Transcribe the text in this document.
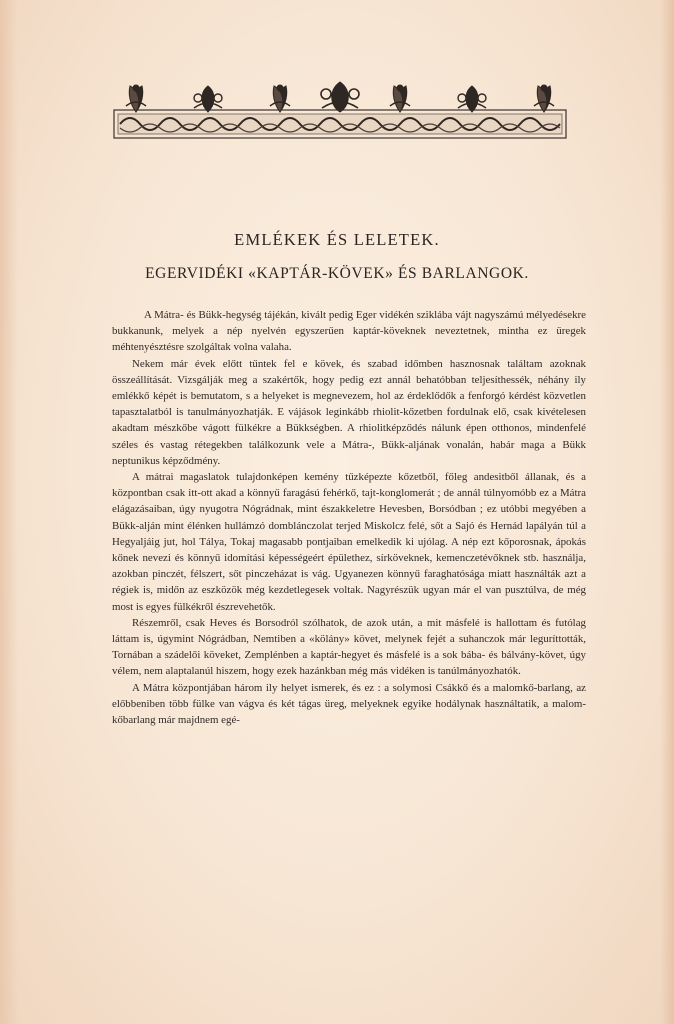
EMLÉKEK ÉS LELETEK.
EGERVIDÉKI «KAPTÁR-KÖVEK» ÉS BARLANGOK.

A Mátra- és Bükk-hegység tájékán, kivált pedig Eger vidékén sziklába vájt nagyszámú mélyedésekre bukkanunk, melyek a nép nyelvén egyszerűen kaptár-köveknek neveztetnek, mintha ez üregek méhtenyésztésre szolgáltak volna valaha.

Nekem már évek előtt tűntek fel e kövek, és szabad időmben hasznosnak találtam azoknak összeállítását. Vizsgálják meg a szakértők, hogy pedig ezt annál behatóbban teljesíthessék, néhány ily emlékkő képét is bemutatom, s a helyeket is megnevezem, hol az érdeklődők a fenforgó kérdést közvetlen tapasztalatból is tanulmányozhatják. E vájások leginkább rhiolit-kőzetben fordulnak elő, csak kivételesen akadtam mészkőbe vágott fülkékre a Bükkségben. A rhiolitképződés nálunk épen otthonos, mindenfelé széles és vastag rétegekben találkozunk vele a Mátra-, Bükk-aljának vonalán, habár maga a Bükk neptunikus képződmény.

A mátrai magaslatok tulajdonképen kemény tűzképezte kőzetből, főleg andesitből állanak, és a központban csak itt-ott akad a könnyű faragású fehérkő, tajt-konglomerát ; de annál túlnyomóbb ez a Mátra elágazásaiban, úgy nyugotra Nógrádnak, mint északkeletre Hevesben, Borsódban ; ez utóbbi megyében a Bükk-alján mint élénken hullámzó domblánczolat terjed Miskolcz felé, sőt a Sajó és Hernád lapályán túl a Hegyaljáig jut, hol Tálya, Tokaj magasabb pontjaiban emelkedik ki ujólag. A nép ezt kőporosnak, ápokás kőnek nevezi és könnyű idomítási képességeért épülethez, sírköveknek, kemenczetévőknek stb. használja, azokban pinczét, félszert, sőt pinczeházat is vág. Ugyanezen könnyű faraghatósága miatt használták azt a régiek is, midőn az eszközök még kezdetlegesek voltak. Nagyrészük ugyan már el van pusztúlva, de még most is egyes fülkékről észrevehetők.

Részemről, csak Heves és Borsodról szólhatok, de azok után, a mit másfelé is hallottam és futólag láttam is, úgymint Nógrádban, Nemtiben a «kölány» követ, melynek fejét a suhanczok már leguríttották, Tornában a szádelői köveket, Zemplénben a kaptár-hegyet és másfelé is a sok bába- és bálvány-követ, úgy vélem, nem alaptalanúl hiszem, hogy ezek hazánkban még más vidéken is tanúlmányozhatók.

A Mátra központjában három ily helyet ismerek, és ez : a solymosi Csákkő és a malomkő-barlang, az előbbeniben több fülke van vágva és két tágas üreg, melyeknek egyike hodálynak használtatik, a malom-kőbarlang már majdnem egé-
